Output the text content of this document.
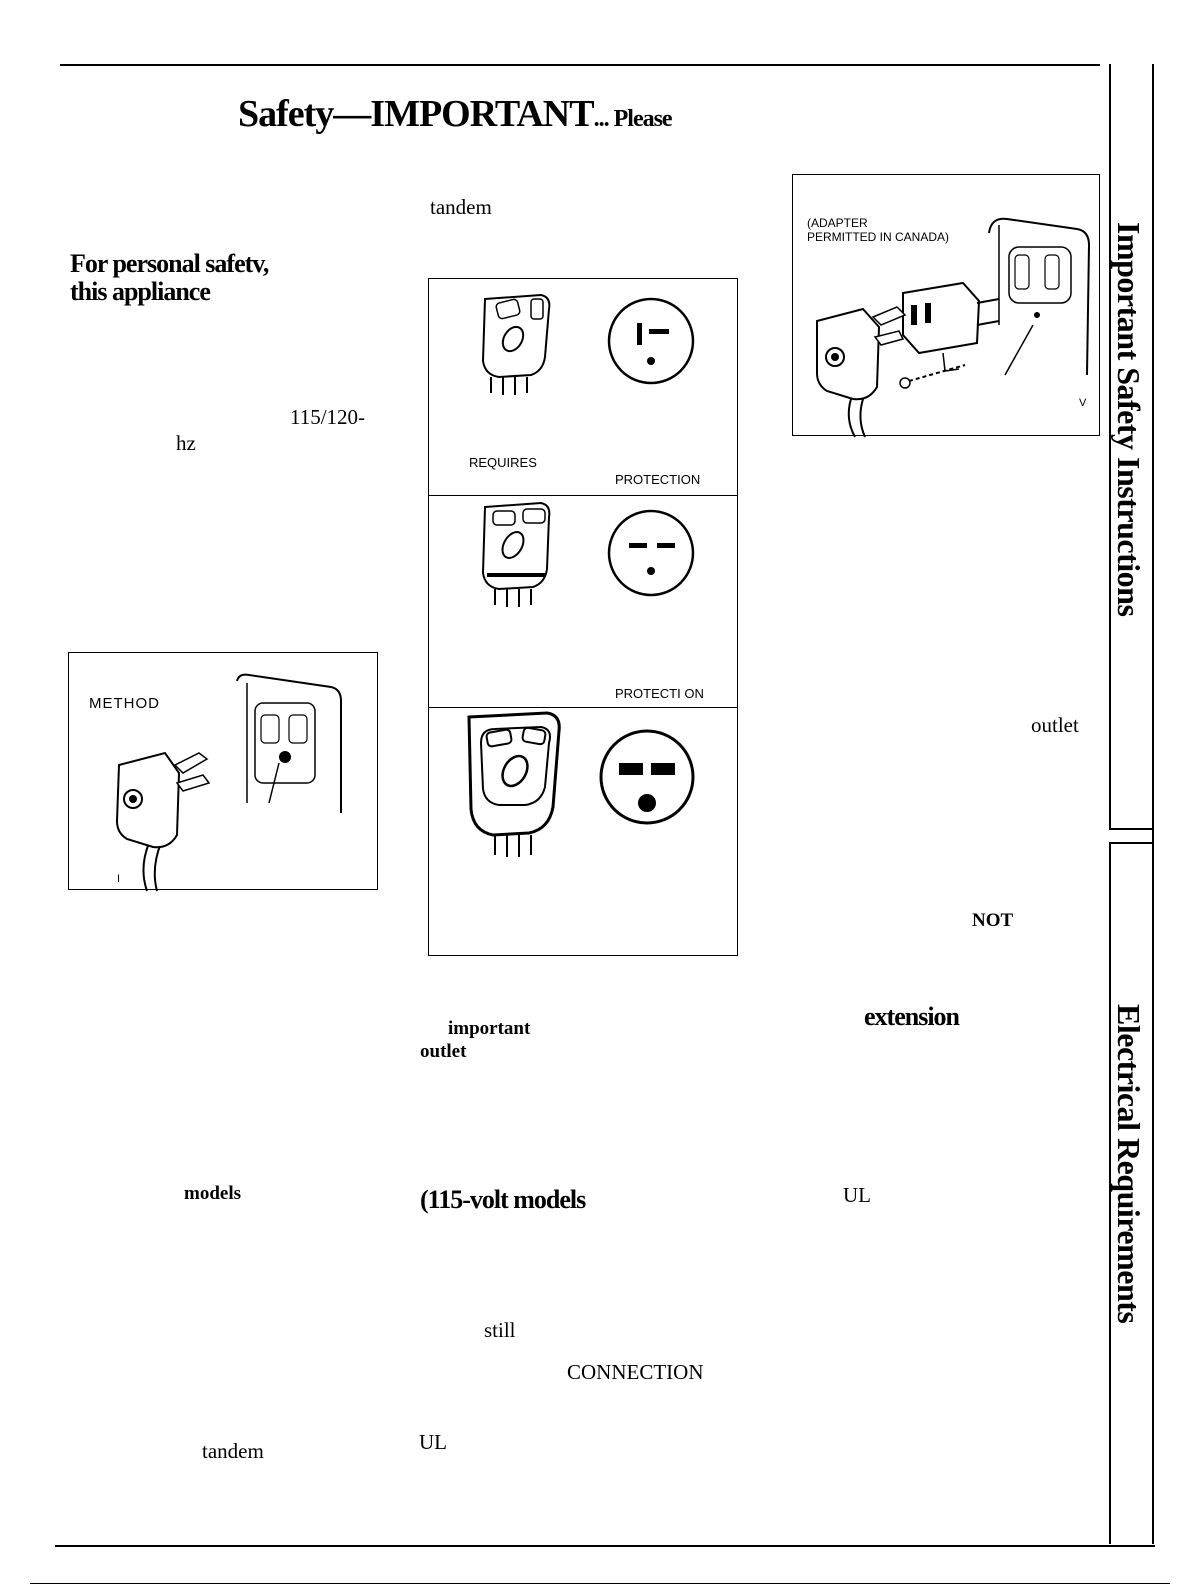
Safety—IMPORTANT... Please
For personal safetv,
this appliance
115/120-
hz
models
tandem
METHOD
I
tandem
REQUIRES
PROTECTION
PROTECTI ON
important
outlet
(115-volt models
still
CONNECTION
UL
(ADAPTER
PERMITTED IN CANADA)
V
outlet
NOT
extension
UL
Important Safety Instructions
Electrical Requirements
